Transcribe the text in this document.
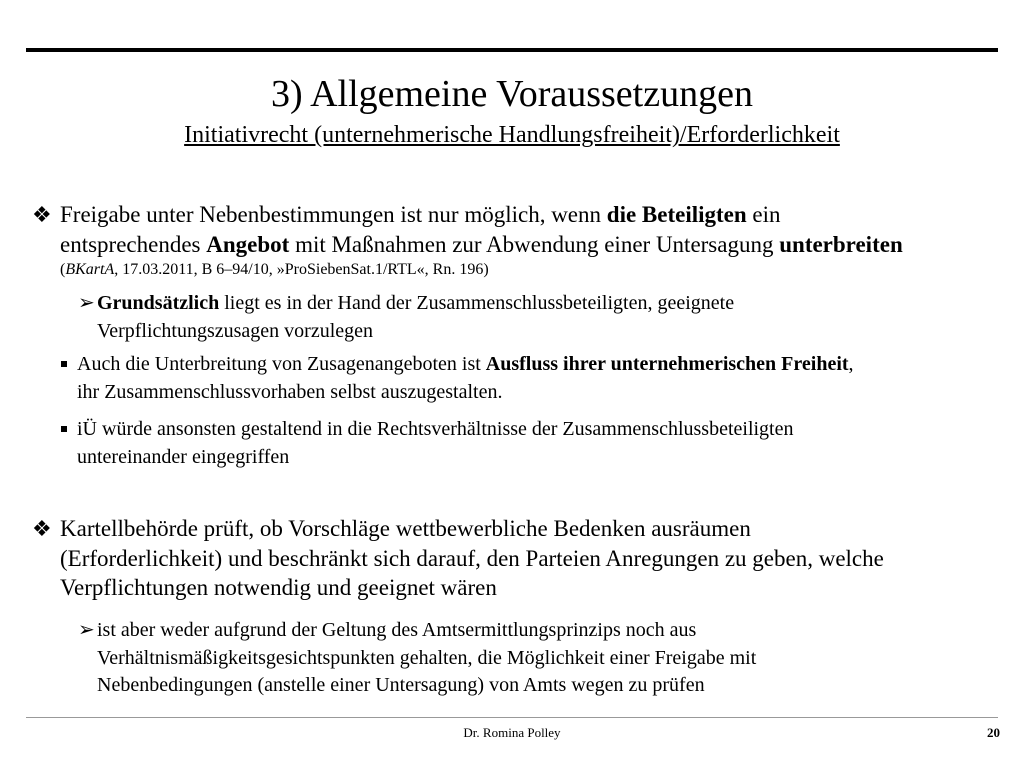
3) Allgemeine Voraussetzungen
Initiativrecht (unternehmerische Handlungsfreiheit)/Erforderlichkeit
❖ Freigabe unter Nebenbestimmungen ist nur möglich, wenn die Beteiligten ein
entsprechendes Angebot mit Maßnahmen zur Abwendung einer Untersagung unterbreiten
(BKartA, 17.03.2011, B 6–94/10, »ProSiebenSat.1/RTL«, Rn. 196)
➢ Grundsätzlich liegt es in der Hand der Zusammenschlussbeteiligten, geeignete
Verpflichtungszusagen vorzulegen
Auch die Unterbreitung von Zusagenangeboten ist Ausfluss ihrer unternehmerischen Freiheit,
ihr Zusammenschlussvorhaben selbst auszugestalten.
iÜ würde ansonsten gestaltend in die Rechtsverhältnisse der Zusammenschlussbeteiligten
untereinander eingegriffen
❖ Kartellbehörde prüft, ob Vorschläge wettbewerbliche Bedenken ausräumen
(Erforderlichkeit) und beschränkt sich darauf, den Parteien Anregungen zu geben, welche
Verpflichtungen notwendig und geeignet wären
➢ ist aber weder aufgrund der Geltung des Amtsermittlungsprinzips noch aus
Verhältnismäßigkeitsgesichtspunkten gehalten, die Möglichkeit einer Freigabe mit
Nebenbedingungen (anstelle einer Untersagung) von Amts wegen zu prüfen
Dr. Romina Polley	20
